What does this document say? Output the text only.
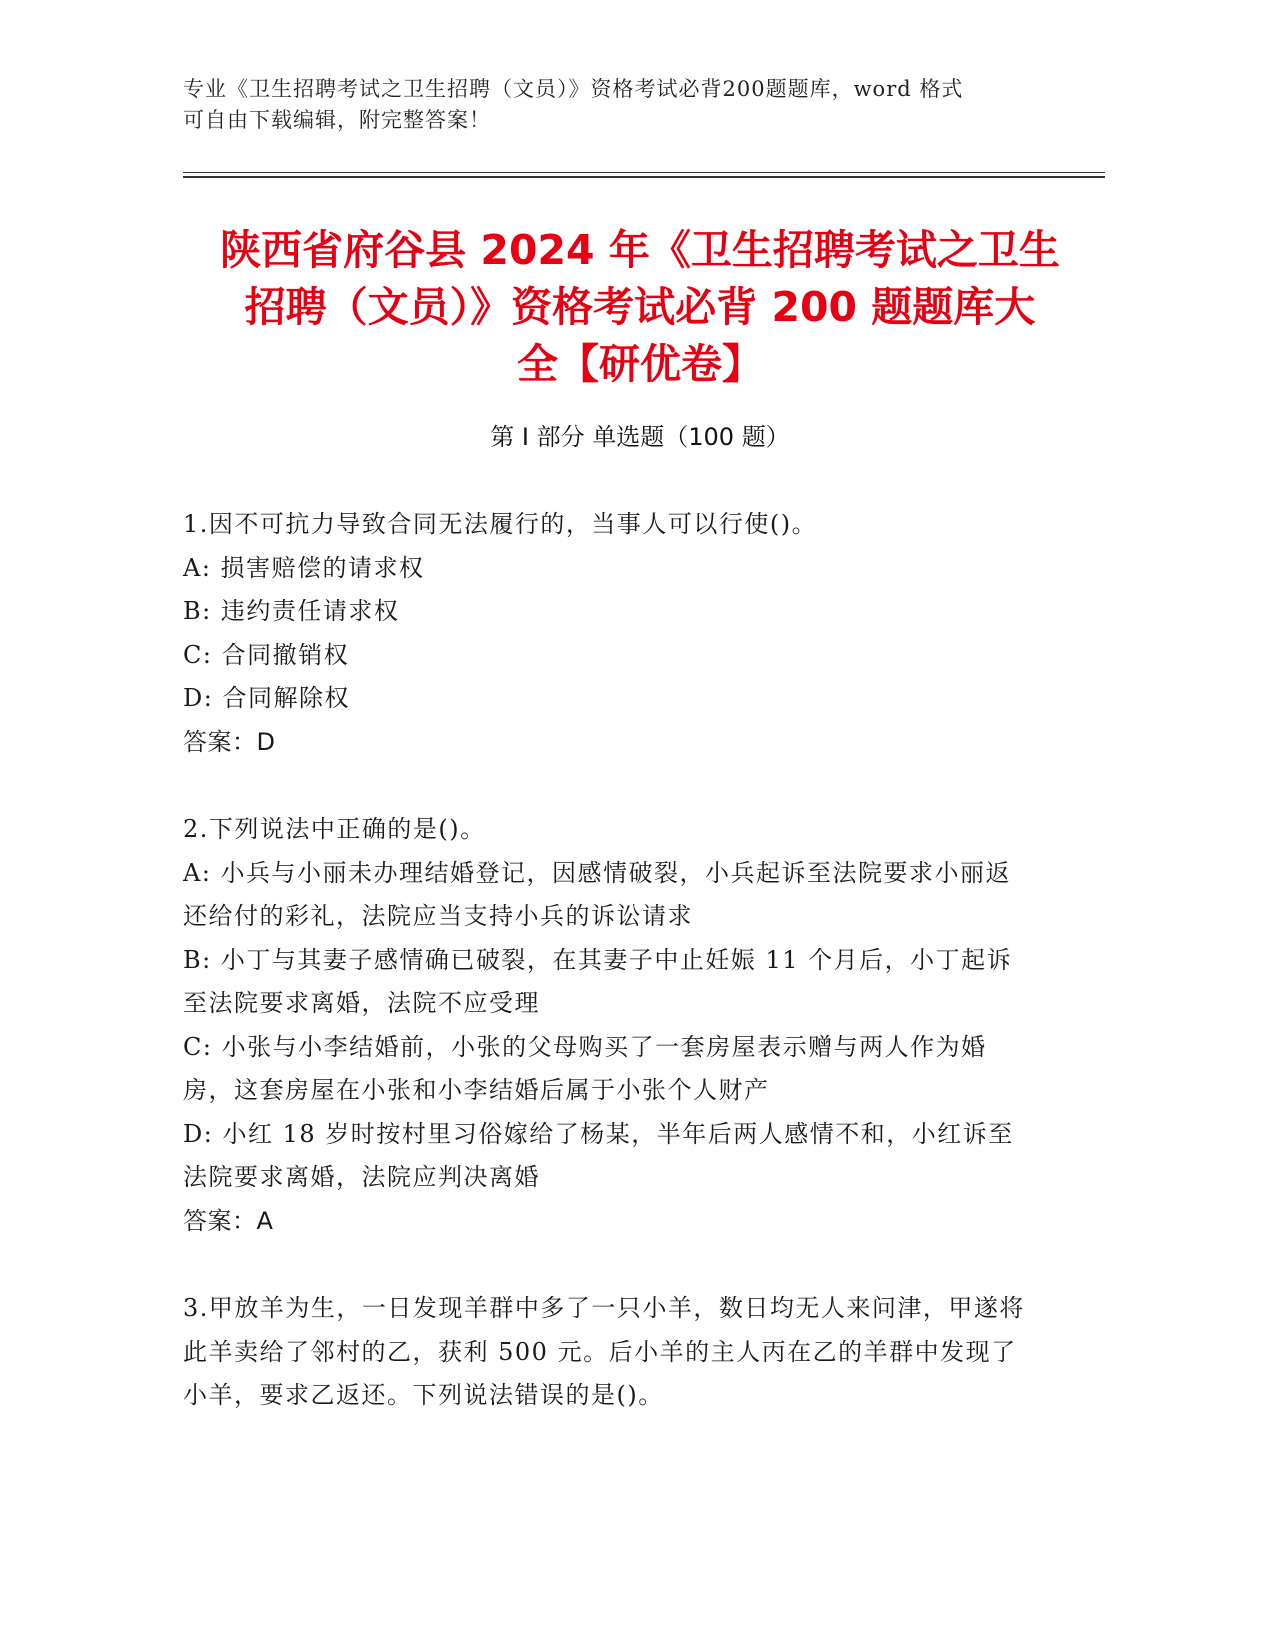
专业《卫生招聘考试之卫生招聘（文员）》资格考试必背200题题库，word 格式
可自由下载编辑，附完整答案！
陕西省府谷县 2024 年《卫生招聘考试之卫生
招聘（文员）》资格考试必背 200 题题库大
全【研优卷】
第 I 部分 单选题（100 题）
1.因不可抗力导致合同无法履行的，当事人可以行使()。
A: 损害赔偿的请求权
B: 违约责任请求权
C: 合同撤销权
D: 合同解除权
答案：D
2.下列说法中正确的是()。
A: 小兵与小丽未办理结婚登记，因感情破裂，小兵起诉至法院要求小丽返还给付的彩礼，法院应当支持小兵的诉讼请求
B: 小丁与其妻子感情确已破裂，在其妻子中止妊娠 11 个月后，小丁起诉至法院要求离婚，法院不应受理
C: 小张与小李结婚前，小张的父母购买了一套房屋表示赠与两人作为婚房，这套房屋在小张和小李结婚后属于小张个人财产
D: 小红 18 岁时按村里习俗嫁给了杨某，半年后两人感情不和，小红诉至法院要求离婚，法院应判决离婚
答案：A
3.甲放羊为生，一日发现羊群中多了一只小羊，数日均无人来问津，甲遂将此羊卖给了邻村的乙，获利 500 元。后小羊的主人丙在乙的羊群中发现了小羊，要求乙返还。下列说法错误的是()。
